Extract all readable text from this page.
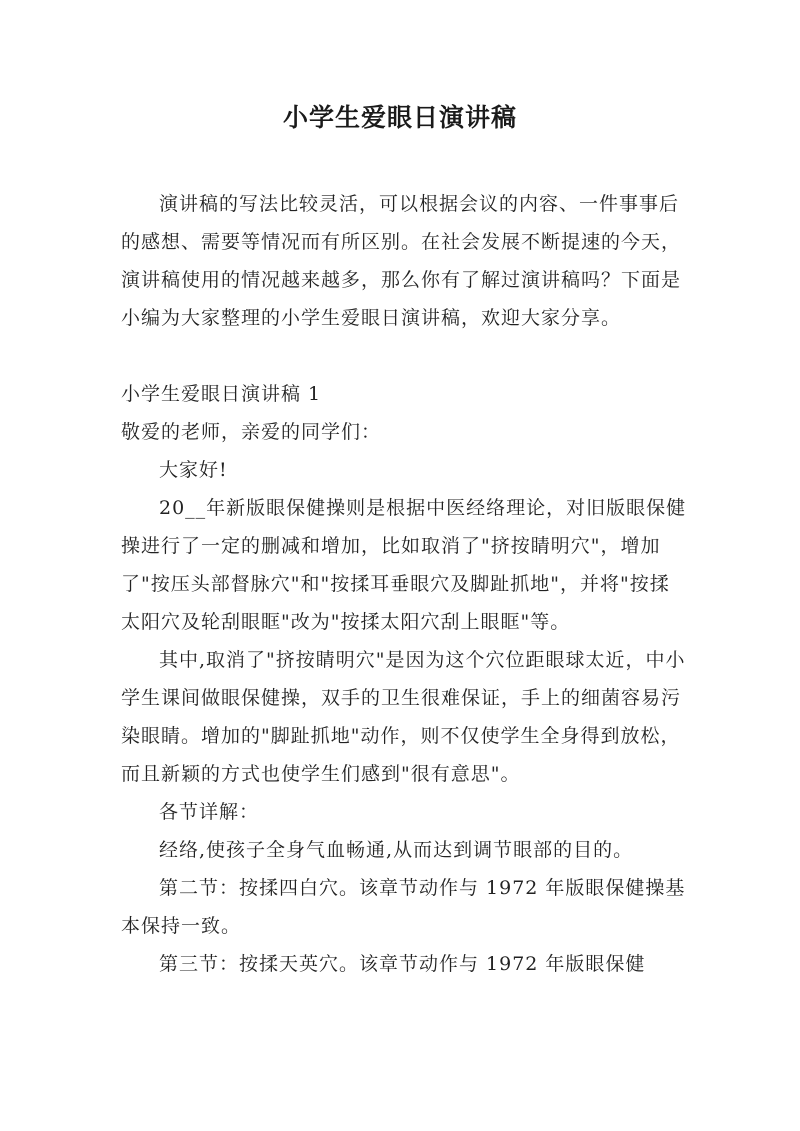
小学生爱眼日演讲稿

演讲稿的写法比较灵活，可以根据会议的内容、一件事事后的感想、需要等情况而有所区别。在社会发展不断提速的今天，演讲稿使用的情况越来越多，那么你有了解过演讲稿吗？下面是小编为大家整理的小学生爱眼日演讲稿，欢迎大家分享。

小学生爱眼日演讲稿 1

敬爱的老师，亲爱的同学们：

大家好!

20__年新版眼保健操则是根据中医经络理论，对旧版眼保健操进行了一定的删减和增加，比如取消了"挤按睛明穴"，增加了"按压头部督脉穴"和"按揉耳垂眼穴及脚趾抓地"，并将"按揉太阳穴及轮刮眼眶"改为"按揉太阳穴刮上眼眶"等。

其中,取消了"挤按睛明穴"是因为这个穴位距眼球太近，中小学生课间做眼保健操，双手的卫生很难保证，手上的细菌容易污染眼睛。增加的"脚趾抓地"动作，则不仅使学生全身得到放松，而且新颖的方式也使学生们感到"很有意思"。

各节详解：

经络,使孩子全身气血畅通,从而达到调节眼部的目的。

第二节：按揉四白穴。该章节动作与 1972 年版眼保健操基本保持一致。

第三节：按揉天英穴。该章节动作与 1972 年版眼保健
